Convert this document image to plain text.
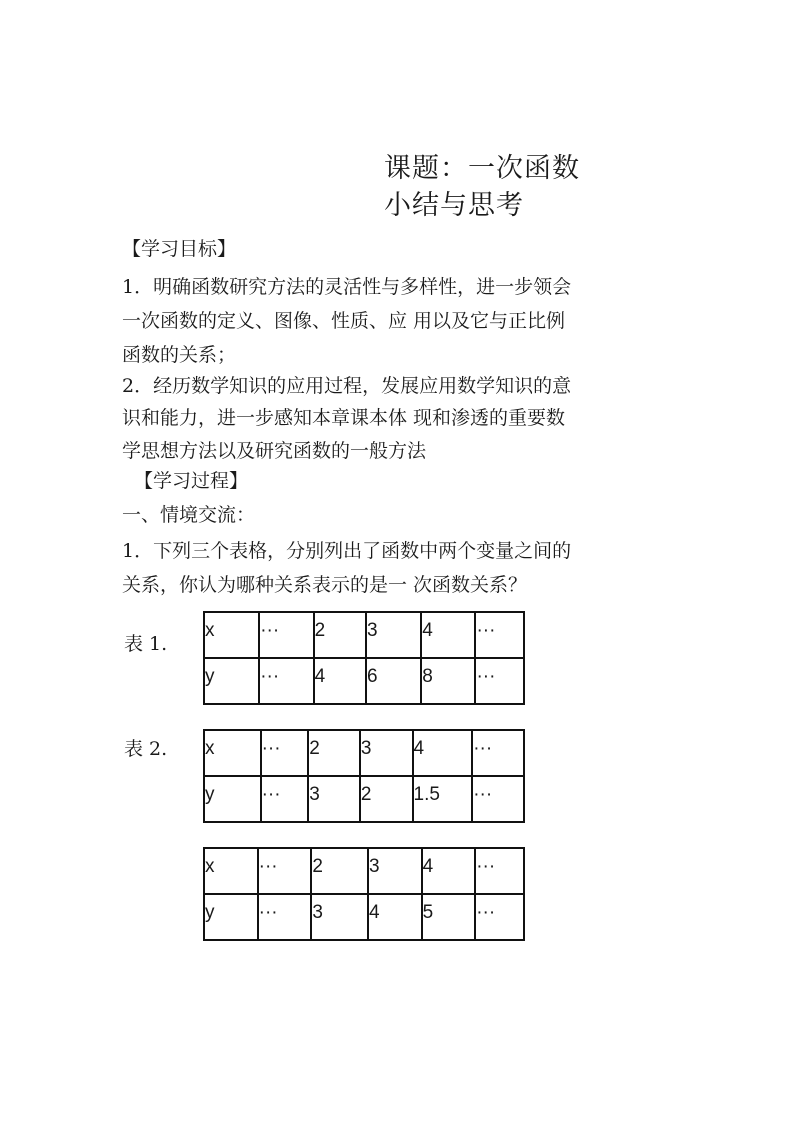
课题：一次函数
小结与思考
【学习目标】
1．明确函数研究方法的灵活性与多样性，进一步领会
一次函数的定义、图像、性质、应 用以及它与正比例
函数的关系；
2．经历数学知识的应用过程，发展应用数学知识的意
识和能力，进一步感知本章课本体 现和渗透的重要数
学思想方法以及研究函数的一般方法
【学习过程】
一、情境交流：
1．下列三个表格，分别列出了函数中两个变量之间的
关系，你认为哪种关系表示的是一 次函数关系？
表 1.
表 2.
x	···	2	3	4	···

y	···	4	6	8	···
x	···	2	3	4	···

y	···	3	2	1.5	···
x	···	2	3	4	···

y	···	3	4	5	···
